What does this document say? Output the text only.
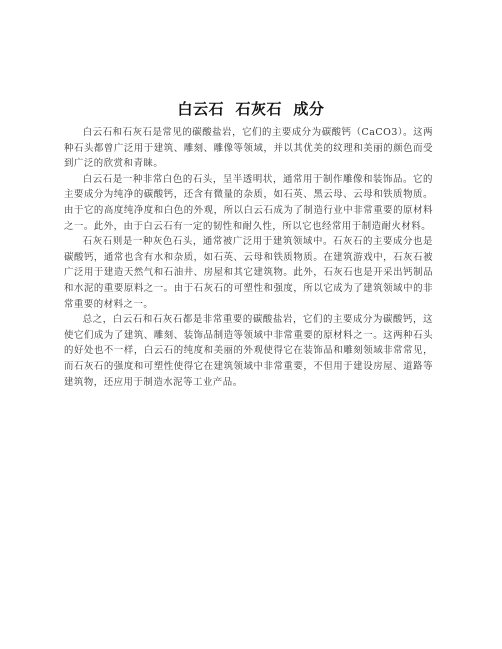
白云石  石灰石  成分

白云石和石灰石是常见的碳酸盐岩，它们的主要成分为碳酸钙（CaCO3）。这两种石头都曾广泛用于建筑、雕刻、雕像等领域，并以其优美的纹理和美丽的颜色而受到广泛的欣赏和青睐。

白云石是一种非常白色的石头，呈半透明状，通常用于制作雕像和装饰品。它的主要成分为纯净的碳酸钙，还含有微量的杂质，如石英、黑云母、云母和铁质物质。由于它的高度纯净度和白色的外观，所以白云石成为了制造行业中非常重要的原材料之一。此外，由于白云石有一定的韧性和耐久性，所以它也经常用于制造耐火材料。

石灰石则是一种灰色石头，通常被广泛用于建筑领域中。石灰石的主要成分也是碳酸钙，通常也含有水和杂质，如石英、云母和铁质物质。在建筑游戏中，石灰石被广泛用于建造天然气和石油井、房屋和其它建筑物。此外，石灰石也是开采出钙制品和水泥的重要原料之一。由于石灰石的可塑性和强度，所以它成为了建筑领域中的非常重要的材料之一。

总之，白云石和石灰石都是非常重要的碳酸盐岩，它们的主要成分为碳酸钙，这使它们成为了建筑、雕刻、装饰品制造等领域中非常重要的原材料之一。这两种石头的好处也不一样，白云石的纯度和美丽的外观使得它在装饰品和雕刻领域非常常见，而石灰石的强度和可塑性使得它在建筑领域中非常重要，不但用于建设房屋、道路等建筑物，还应用于制造水泥等工业产品。
